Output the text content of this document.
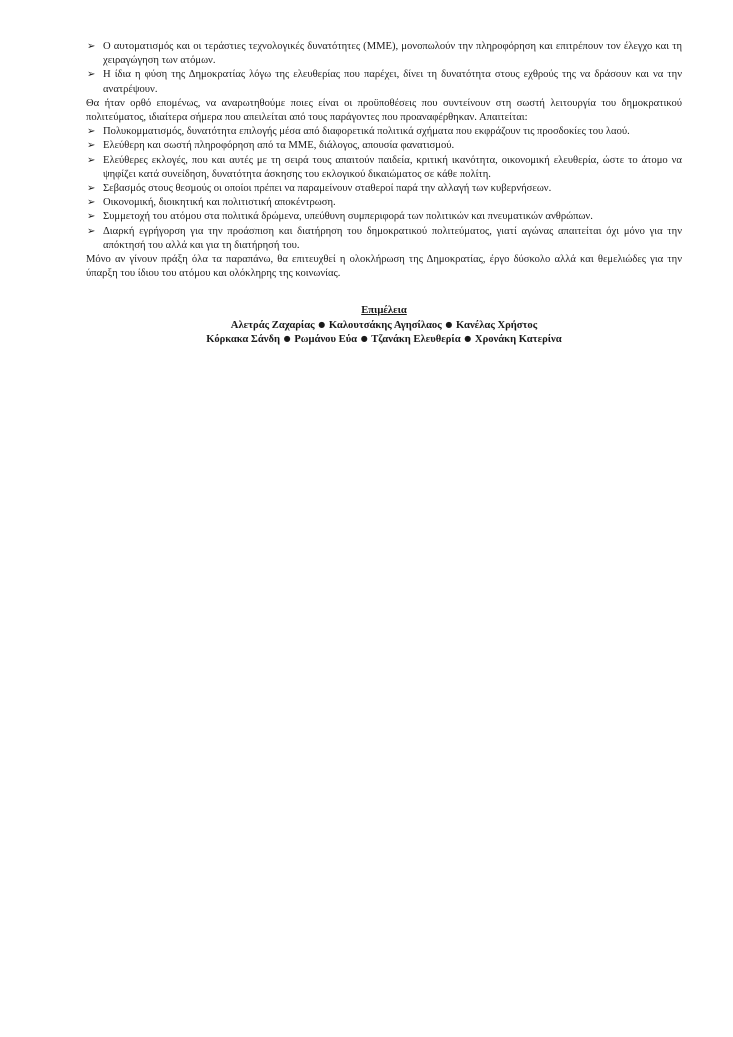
➢ Ο αυτοματισμός και οι τεράστιες τεχνολογικές δυνατότητες (ΜΜΕ), μονοπωλούν την πληροφόρηση και επιτρέπουν τον έλεγχο και τη χειραγώγηση των ατόμων.
➢ Η ίδια η φύση της Δημοκρατίας λόγω της ελευθερίας που παρέχει, δίνει τη δυνατότητα στους εχθρούς της να δράσουν και να την ανατρέψουν.

Θα ήταν ορθό επομένως, να αναρωτηθούμε ποιες είναι οι προϋποθέσεις που συντείνουν στη σωστή λειτουργία του δημοκρατικού πολιτεύματος, ιδιαίτερα σήμερα που απειλείται από τους παράγοντες που προαναφέρθηκαν. Απαιτείται:

➢ Πολυκομματισμός, δυνατότητα επιλογής μέσα από διαφορετικά πολιτικά σχήματα που εκφράζουν τις προσδοκίες του λαού.
➢ Ελεύθερη και σωστή πληροφόρηση από τα ΜΜΕ, διάλογος, απουσία φανατισμού.
➢ Ελεύθερες εκλογές, που και αυτές με τη σειρά τους απαιτούν παιδεία, κριτική ικανότητα, οικονομική ελευθερία, ώστε το άτομο να ψηφίζει κατά συνείδηση, δυνατότητα άσκησης του εκλογικού δικαιώματος σε κάθε πολίτη.
➢ Σεβασμός στους θεσμούς οι οποίοι πρέπει να παραμείνουν σταθεροί παρά την αλλαγή των κυβερνήσεων.
➢ Οικονομική, διοικητική και πολιτιστική αποκέντρωση.
➢ Συμμετοχή του ατόμου στα πολιτικά δρώμενα, υπεύθυνη συμπεριφορά των πολιτικών και πνευματικών ανθρώπων.
➢ Διαρκή εγρήγορση για την προάσπιση και διατήρηση του δημοκρατικού πολιτεύματος, γιατί αγώνας απαιτείται όχι μόνο για την απόκτησή του αλλά και για τη διατήρησή του.

Μόνο αν γίνουν πράξη όλα τα παραπάνω, θα επιτευχθεί η ολοκλήρωση της Δημοκρατίας, έργο δύσκολο αλλά και θεμελιώδες για την ύπαρξη του ίδιου του ατόμου και ολόκληρης της κοινωνίας.

Επιμέλεια
Αλετράς Ζαχαρίας ● Καλουτσάκης Αγησίλαος ● Κανέλας Χρήστος
Κόρκακα Σάνδη ● Ρωμάνου Εύα ● Τζανάκη Ελευθερία ● Χρονάκη Κατερίνα
